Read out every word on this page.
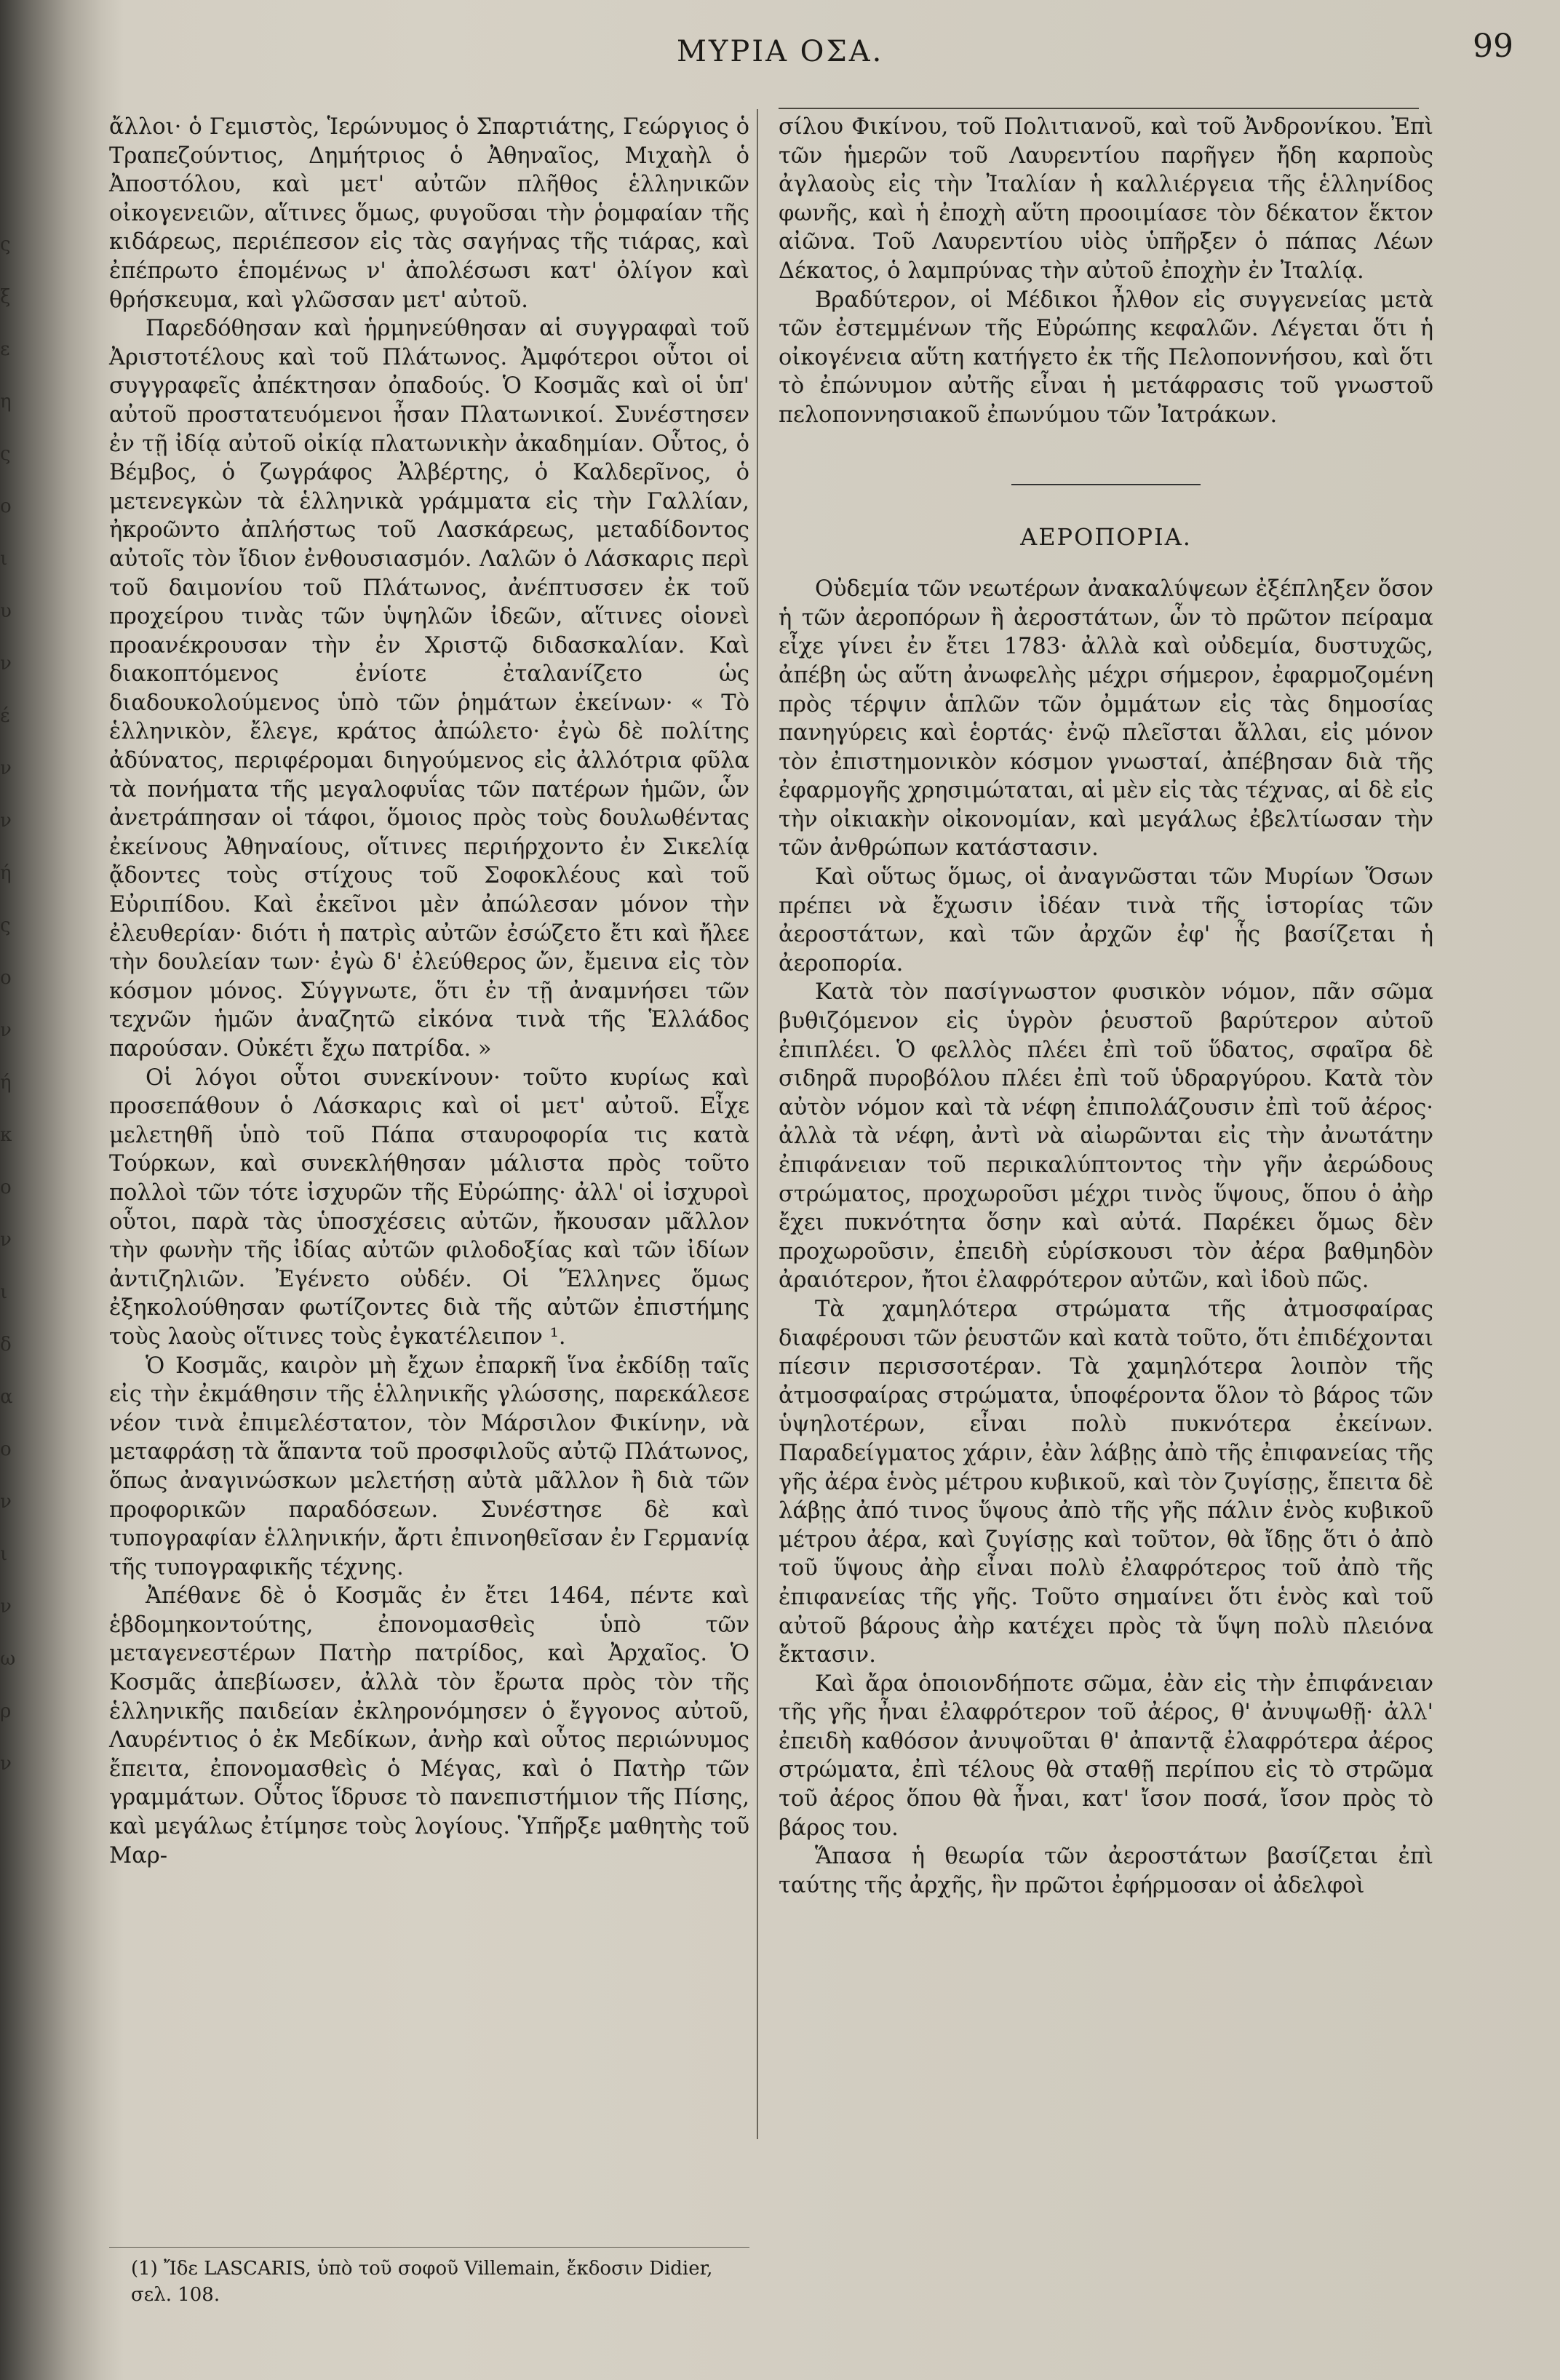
ς
ξ
ε
η
ς
ο
ι
υ
ν
έ
ν
ν
ή
ς
ο
ν
ή
κ
ο
ν
ι
δ
α
ο
ν
ι
ν
ω
ρ
ν
ΜΥΡΙΑ ΟΣΑ.	99

ἄλλοι· ὁ Γεμιστὸς, Ἱερώνυμος ὁ Σπαρτιάτης, Γεώργιος ὁ Τραπεζούντιος, Δημήτριος ὁ Ἀθηναῖος, Μιχαὴλ ὁ Ἀποστόλου, καὶ μετ' αὐτῶν πλῆθος ἑλληνικῶν οἰκογενειῶν, αἵτινες ὅμως, φυγοῦσαι τὴν ῥομφαίαν τῆς κιδάρεως, περιέπεσον εἰς τὰς σαγήνας τῆς τιάρας, καὶ ἐπέπρωτο ἑπομένως ν' ἀπολέσωσι κατ' ὀλίγον καὶ θρήσκευμα, καὶ γλῶσσαν μετ' αὐτοῦ.

Παρεδόθησαν καὶ ἡρμηνεύθησαν αἱ συγγραφαὶ τοῦ Ἀριστοτέλους καὶ τοῦ Πλάτωνος. Ἀμφότεροι οὗτοι οἱ συγγραφεῖς ἀπέκτησαν ὀπαδούς. Ὁ Κοσμᾶς καὶ οἱ ὑπ' αὐτοῦ προστατευόμενοι ἦσαν Πλατωνικοί. Συνέστησεν ἐν τῇ ἰδίᾳ αὐτοῦ οἰκίᾳ πλατωνικὴν ἀκαδημίαν. Οὗτος, ὁ Βέμβος, ὁ ζωγράφος Ἀλβέρτης, ὁ Καλδερῖνος, ὁ μετενεγκὼν τὰ ἑλληνικὰ γράμματα εἰς τὴν Γαλλίαν, ἠκροῶντο ἀπλήστως τοῦ Λασκάρεως, μεταδίδοντος αὐτοῖς τὸν ἴδιον ἐνθουσιασμόν. Λαλῶν ὁ Λάσκαρις περὶ τοῦ δαιμονίου τοῦ Πλάτωνος, ἀνέπτυσσεν ἐκ τοῦ προχείρου τινὰς τῶν ὑψηλῶν ἰδεῶν, αἵτινες οἱονεὶ προανέκρουσαν τὴν ἐν Χριστῷ διδασκαλίαν. Καὶ διακοπτόμενος ἐνίοτε ἐταλανίζετο ὡς διαδουκολούμενος ὑπὸ τῶν ῥημάτων ἐκείνων· « Τὸ ἑλληνικὸν, ἔλεγε, κράτος ἀπώλετο· ἐγὼ δὲ πολίτης ἀδύνατος, περιφέρομαι διηγούμενος εἰς ἀλλότρια φῦλα τὰ πονήματα τῆς μεγαλοφυΐας τῶν πατέρων ἡμῶν, ὧν ἀνετράπησαν οἱ τάφοι, ὅμοιος πρὸς τοὺς δουλωθέντας ἐκείνους Ἀθηναίους, οἵτινες περιήρχοντο ἐν Σικελίᾳ ᾄδοντες τοὺς στίχους τοῦ Σοφοκλέους καὶ τοῦ Εὐριπίδου. Καὶ ἐκεῖνοι μὲν ἀπώλεσαν μόνον τὴν ἐλευθερίαν· διότι ἡ πατρὶς αὐτῶν ἐσώζετο ἔτι καὶ ἤλεε τὴν δουλείαν των· ἐγὼ δ' ἐλεύθερος ὤν, ἔμεινα εἰς τὸν κόσμον μόνος. Σύγγνωτε, ὅτι ἐν τῇ ἀναμνήσει τῶν τεχνῶν ἡμῶν ἀναζητῶ εἰκόνα τινὰ τῆς Ἑλλάδος παρούσαν. Οὐκέτι ἔχω πατρίδα. »

Οἱ λόγοι οὗτοι συνεκίνουν· τοῦτο κυρίως καὶ προσεπάθουν ὁ Λάσκαρις καὶ οἱ μετ' αὐτοῦ. Εἶχε μελετηθῆ ὑπὸ τοῦ Πάπα σταυροφορία τις κατὰ Τούρκων, καὶ συνεκλήθησαν μάλιστα πρὸς τοῦτο πολλοὶ τῶν τότε ἰσχυρῶν τῆς Εὐρώπης· ἀλλ' οἱ ἰσχυροὶ οὗτοι, παρὰ τὰς ὑποσχέσεις αὐτῶν, ἤκουσαν μᾶλλον τὴν φωνὴν τῆς ἰδίας αὐτῶν φιλοδοξίας καὶ τῶν ἰδίων ἀντιζηλιῶν. Ἐγένετο οὐδέν. Οἱ Ἕλληνες ὅμως ἐξηκολούθησαν φωτίζοντες διὰ τῆς αὐτῶν ἐπιστήμης τοὺς λαοὺς οἵτινες τοὺς ἐγκατέλειπον ¹.

Ὁ Κοσμᾶς, καιρὸν μὴ ἔχων ἐπαρκῆ ἵνα ἐκδίδῃ ταῖς εἰς τὴν ἐκμάθησιν τῆς ἑλληνικῆς γλώσσης, παρεκάλεσε νέον τινὰ ἐπιμελέστατον, τὸν Μάρσιλον Φικίνην, νὰ μεταφράσῃ τὰ ἅπαντα τοῦ προσφιλοῦς αὐτῷ Πλάτωνος, ὅπως ἀναγινώσκων μελετήσῃ αὐτὰ μᾶλλον ἢ διὰ τῶν προφορικῶν παραδόσεων. Συνέστησε δὲ καὶ τυπογραφίαν ἑλληνικήν, ἄρτι ἐπινοηθεῖσαν ἐν Γερμανίᾳ τῆς τυπογραφικῆς τέχνης.

Ἀπέθανε δὲ ὁ Κοσμᾶς ἐν ἔτει 1464, πέντε καὶ ἑβδομηκοντούτης, ἐπονομασθεὶς ὑπὸ τῶν μεταγενεστέρων Πατὴρ πατρίδος, καὶ Ἀρχαῖος. Ὁ Κοσμᾶς ἀπεβίωσεν, ἀλλὰ τὸν ἔρωτα πρὸς τὸν τῆς ἑλληνικῆς παιδείαν ἐκληρονόμησεν ὁ ἔγγονος αὐτοῦ, Λαυρέντιος ὁ ἐκ Μεδίκων, ἀνὴρ καὶ οὗτος περιώνυμος ἔπειτα, ἐπονομασθεὶς ὁ Μέγας, καὶ ὁ Πατὴρ τῶν γραμμάτων. Οὗτος ἵδρυσε τὸ πανεπιστήμιον τῆς Πίσης, καὶ μεγάλως ἐτίμησε τοὺς λογίους. Ὑπῆρξε μαθητὴς τοῦ Μαρ-

(1) Ἴδε LASCARIS, ὑπὸ τοῦ σοφοῦ Villemain, ἔκδοσιν Didier, σελ. 108.

σίλου Φικίνου, τοῦ Πολιτιανοῦ, καὶ τοῦ Ἀνδρονίκου. Ἐπὶ τῶν ἡμερῶν τοῦ Λαυρεντίου παρῆγεν ἤδη καρποὺς ἀγλαοὺς εἰς τὴν Ἰταλίαν ἡ καλλιέργεια τῆς ἑλληνίδος φωνῆς, καὶ ἡ ἐποχὴ αὕτη προοιμίασε τὸν δέκατον ἕκτον αἰῶνα. Τοῦ Λαυρεντίου υἱὸς ὑπῆρξεν ὁ πάπας Λέων Δέκατος, ὁ λαμπρύνας τὴν αὐτοῦ ἐποχὴν ἐν Ἰταλίᾳ.

Βραδύτερον, οἱ Μέδικοι ἦλθον εἰς συγγενείας μετὰ τῶν ἐστεμμένων τῆς Εὐρώπης κεφαλῶν. Λέγεται ὅτι ἡ οἰκογένεια αὕτη κατήγετο ἐκ τῆς Πελοποννήσου, καὶ ὅτι τὸ ἐπώνυμον αὐτῆς εἶναι ἡ μετάφρασις τοῦ γνωστοῦ πελοποννησιακοῦ ἐπωνύμου τῶν Ἰατράκων.

ΑΕΡΟΠΟΡΙΑ.

Οὐδεμία τῶν νεωτέρων ἀνακαλύψεων ἐξέπληξεν ὅσον ἡ τῶν ἀεροπόρων ἢ ἀεροστάτων, ὧν τὸ πρῶτον πείραμα εἶχε γίνει ἐν ἔτει 1783· ἀλλὰ καὶ οὐδεμία, δυστυχῶς, ἀπέβη ὡς αὕτη ἀνωφελὴς μέχρι σήμερον, ἐφαρμοζομένη πρὸς τέρψιν ἁπλῶν τῶν ὀμμάτων εἰς τὰς δημοσίας πανηγύρεις καὶ ἑορτάς· ἐνῷ πλεῖσται ἄλλαι, εἰς μόνον τὸν ἐπιστημονικὸν κόσμον γνωσταί, ἀπέβησαν διὰ τῆς ἐφαρμογῆς χρησιμώταται, αἱ μὲν εἰς τὰς τέχνας, αἱ δὲ εἰς τὴν οἰκιακὴν οἰκονομίαν, καὶ μεγάλως ἐβελτίωσαν τὴν τῶν ἀνθρώπων κατάστασιν.

Καὶ οὕτως ὅμως, οἱ ἀναγνῶσται τῶν Μυρίων Ὅσων πρέπει νὰ ἔχωσιν ἰδέαν τινὰ τῆς ἱστορίας τῶν ἀεροστάτων, καὶ τῶν ἀρχῶν ἐφ' ἧς βασίζεται ἡ ἀεροπορία.

Κατὰ τὸν πασίγνωστον φυσικὸν νόμον, πᾶν σῶμα βυθιζόμενον εἰς ὑγρὸν ῥευστοῦ βαρύτερον αὐτοῦ ἐπιπλέει. Ὁ φελλὸς πλέει ἐπὶ τοῦ ὕδατος, σφαῖρα δὲ σιδηρᾶ πυροβόλου πλέει ἐπὶ τοῦ ὑδραργύρου. Κατὰ τὸν αὐτὸν νόμον καὶ τὰ νέφη ἐπιπολάζουσιν ἐπὶ τοῦ ἀέρος· ἀλλὰ τὰ νέφη, ἀντὶ νὰ αἰωρῶνται εἰς τὴν ἀνωτάτην ἐπιφάνειαν τοῦ περικαλύπτοντος τὴν γῆν ἀερώδους στρώματος, προχωροῦσι μέχρι τινὸς ὕψους, ὅπου ὁ ἀὴρ ἔχει πυκνότητα ὅσην καὶ αὐτά. Παρέκει ὅμως δὲν προχωροῦσιν, ἐπειδὴ εὑρίσκουσι τὸν ἀέρα βαθμηδὸν ἀραιότερον, ἤτοι ἐλαφρότερον αὐτῶν, καὶ ἰδοὺ πῶς.

Τὰ χαμηλότερα στρώματα τῆς ἀτμοσφαίρας διαφέρουσι τῶν ῥευστῶν καὶ κατὰ τοῦτο, ὅτι ἐπιδέχονται πίεσιν περισσοτέραν. Τὰ χαμηλότερα λοιπὸν τῆς ἀτμοσφαίρας στρώματα, ὑποφέροντα ὅλον τὸ βάρος τῶν ὑψηλοτέρων, εἶναι πολὺ πυκνότερα ἐκείνων. Παραδείγματος χάριν, ἐὰν λάβῃς ἀπὸ τῆς ἐπιφανείας τῆς γῆς ἀέρα ἑνὸς μέτρου κυβικοῦ, καὶ τὸν ζυγίσῃς, ἔπειτα δὲ λάβῃς ἀπό τινος ὕψους ἀπὸ τῆς γῆς πάλιν ἑνὸς κυβικοῦ μέτρου ἀέρα, καὶ ζυγίσῃς καὶ τοῦτον, θὰ ἴδῃς ὅτι ὁ ἀπὸ τοῦ ὕψους ἀὴρ εἶναι πολὺ ἐλαφρότερος τοῦ ἀπὸ τῆς ἐπιφανείας τῆς γῆς. Τοῦτο σημαίνει ὅτι ἑνὸς καὶ τοῦ αὐτοῦ βάρους ἀὴρ κατέχει πρὸς τὰ ὕψη πολὺ πλειόνα ἔκτασιν.

Καὶ ἄρα ὁποιονδήποτε σῶμα, ἐὰν εἰς τὴν ἐπιφάνειαν τῆς γῆς ἦναι ἐλαφρότερον τοῦ ἀέρος, θ' ἀνυψωθῇ· ἀλλ' ἐπειδὴ καθόσον ἀνυψοῦται θ' ἀπαντᾷ ἐλαφρότερα ἀέρος στρώματα, ἐπὶ τέλους θὰ σταθῇ περίπου εἰς τὸ στρῶμα τοῦ ἀέρος ὅπου θὰ ἦναι, κατ' ἴσον ποσά, ἴσον πρὸς τὸ βάρος του.

Ἅπασα ἡ θεωρία τῶν ἀεροστάτων βασίζεται ἐπὶ ταύτης τῆς ἀρχῆς, ἣν πρῶτοι ἐφήρμοσαν οἱ ἀδελφοὶ
